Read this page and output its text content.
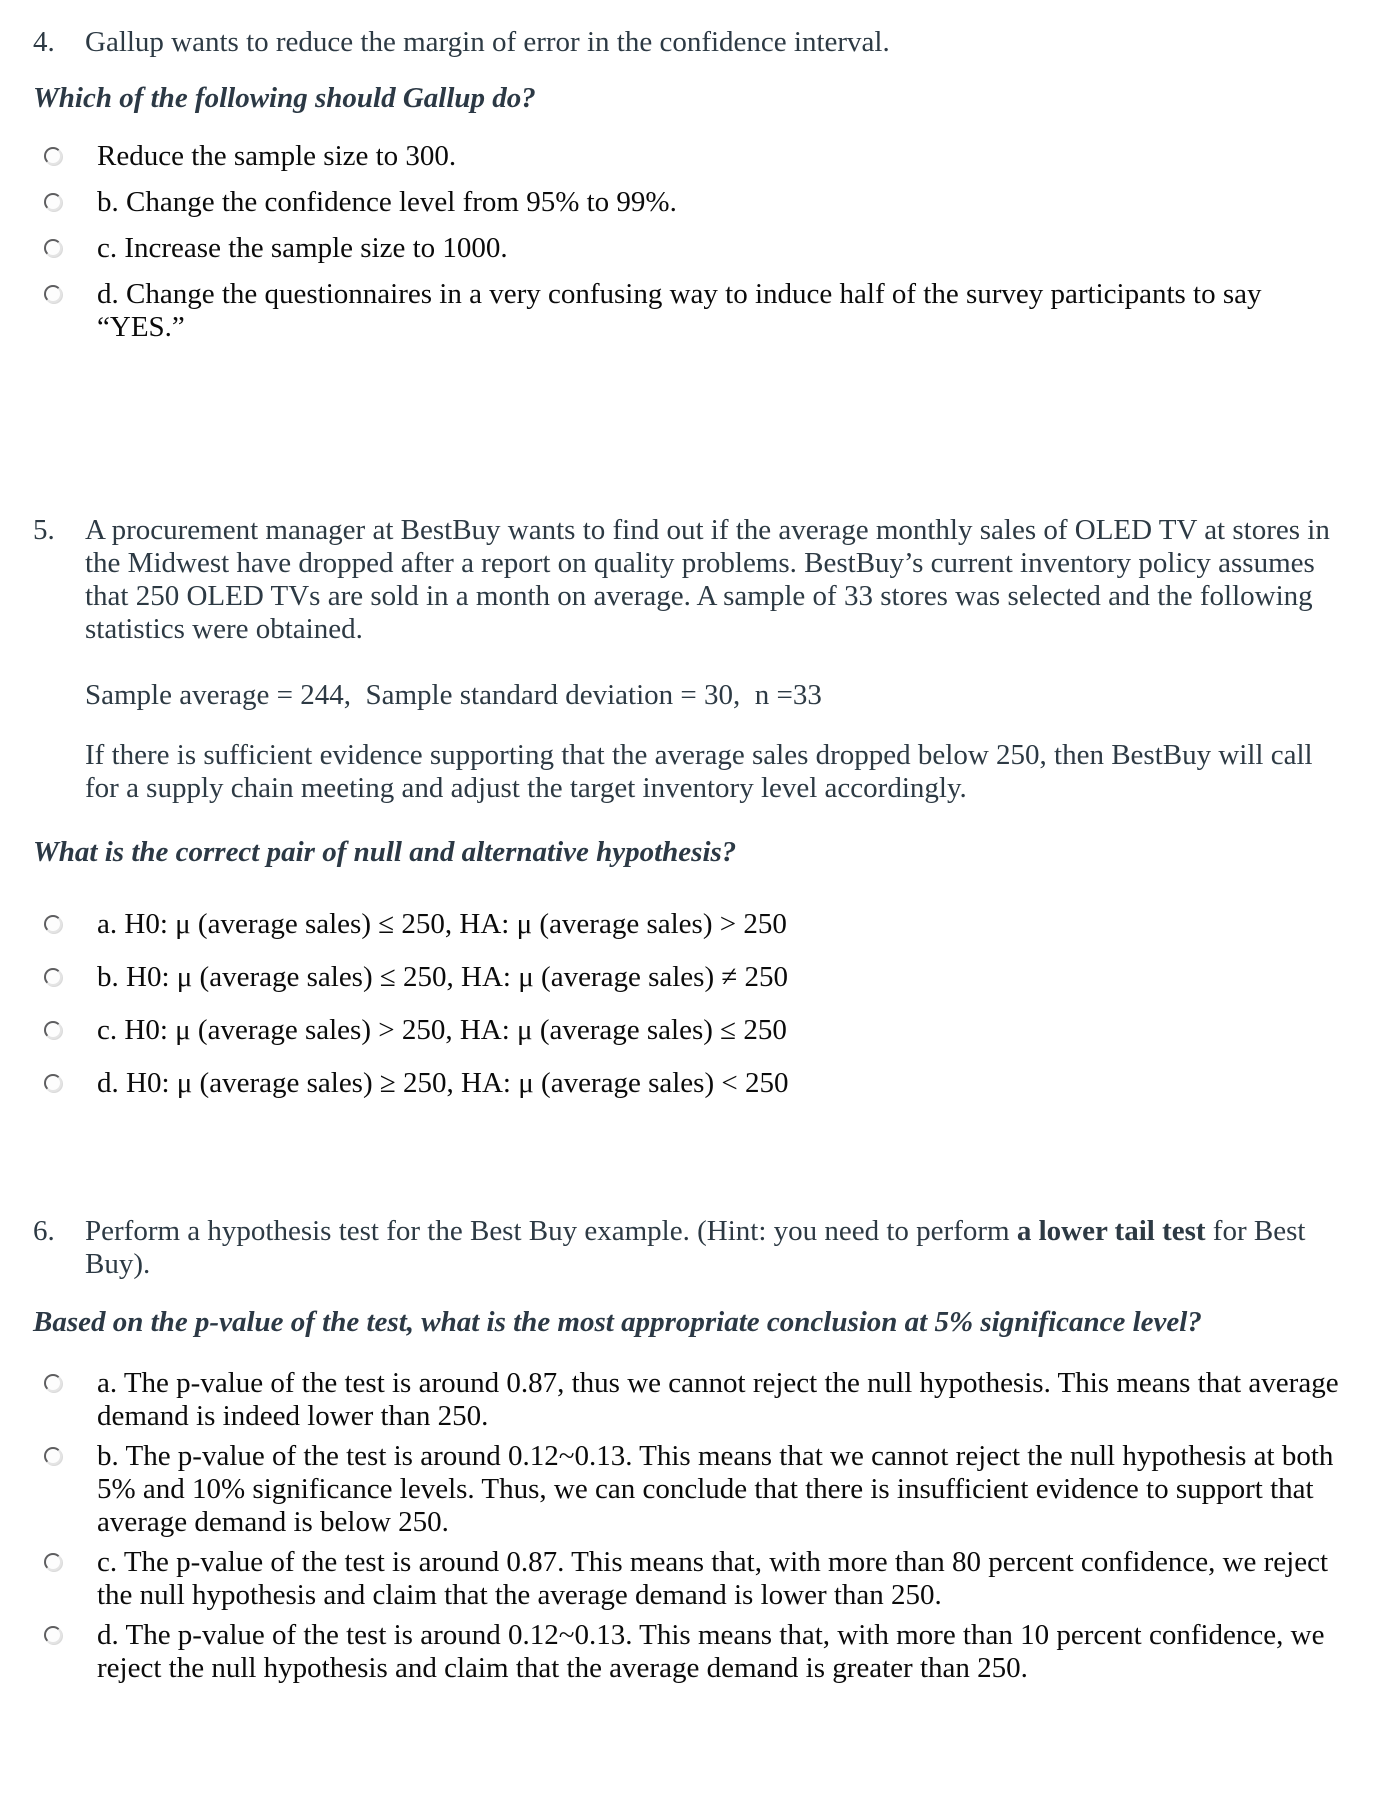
4.	Gallup wants to reduce the margin of error in the confidence interval.

Which of the following should Gallup do?

Reduce the sample size to 300.
b. Change the confidence level from 95% to 99%.
c. Increase the sample size to 1000.
d. Change the questionnaires in a very confusing way to induce half of the survey participants to say “YES.”
5.	A procurement manager at BestBuy wants to find out if the average monthly sales of OLED TV at stores in the Midwest have dropped after a report on quality problems. BestBuy’s current inventory policy assumes that 250 OLED TVs are sold in a month on average. A sample of 33 stores was selected and the following statistics were obtained.

Sample average = 244,  Sample standard deviation = 30,  n =33

If there is sufficient evidence supporting that the average sales dropped below 250, then BestBuy will call for a supply chain meeting and adjust the target inventory level accordingly.

What is the correct pair of null and alternative hypothesis?

a. H0: μ (average sales) ≤ 250, HA: μ (average sales) > 250
b. H0: μ (average sales) ≤ 250, HA: μ (average sales) ≠ 250
c. H0: μ (average sales) > 250, HA: μ (average sales) ≤ 250
d. H0: μ (average sales) ≥ 250, HA: μ (average sales) < 250
6.	Perform a hypothesis test for the Best Buy example. (Hint: you need to perform a lower tail test for Best Buy).

Based on the p-value of the test, what is the most appropriate conclusion at 5% significance level?

a. The p-value of the test is around 0.87, thus we cannot reject the null hypothesis. This means that average demand is indeed lower than 250.
b. The p-value of the test is around 0.12~0.13. This means that we cannot reject the null hypothesis at both 5% and 10% significance levels. Thus, we can conclude that there is insufficient evidence to support that average demand is below 250.
c. The p-value of the test is around 0.87. This means that, with more than 80 percent confidence, we reject the null hypothesis and claim that the average demand is lower than 250.
d. The p-value of the test is around 0.12~0.13. This means that, with more than 10 percent confidence, we reject the null hypothesis and claim that the average demand is greater than 250.
